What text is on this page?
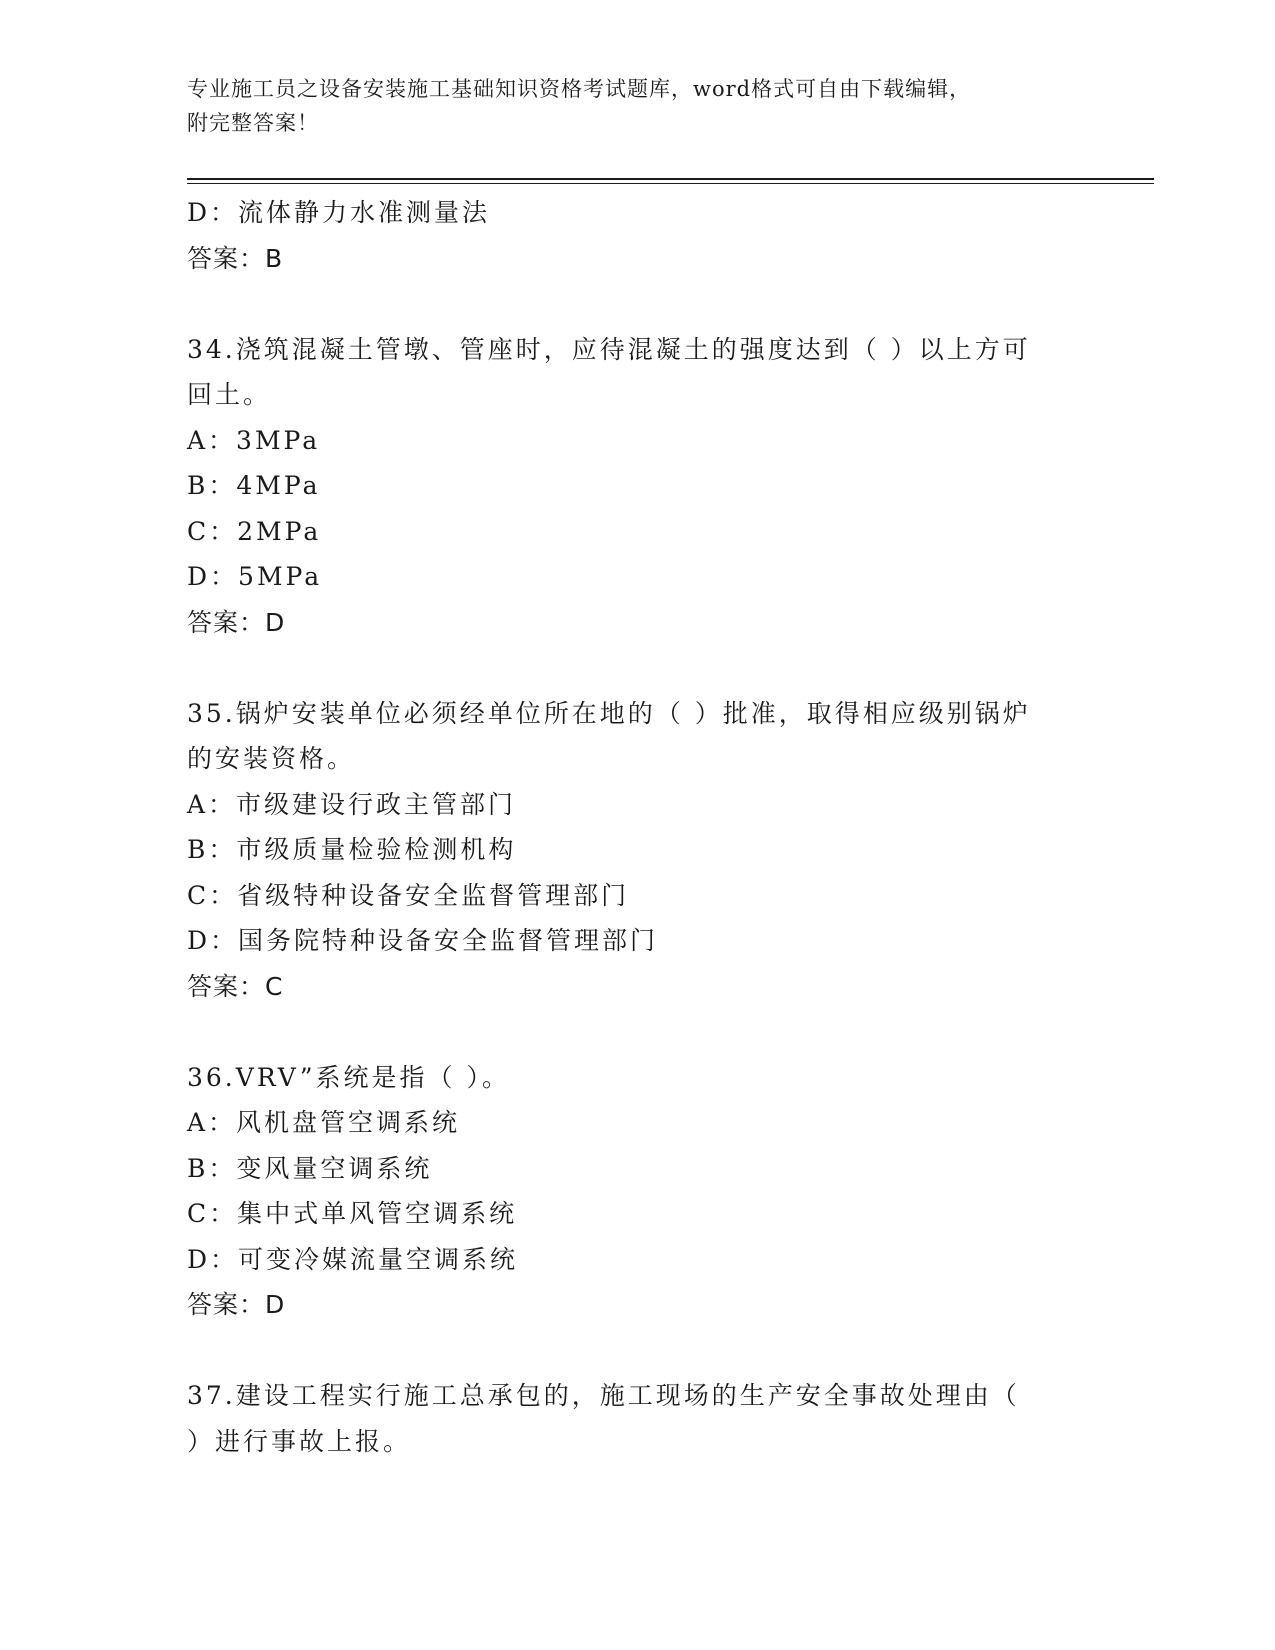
专业施工员之设备安装施工基础知识资格考试题库，word格式可自由下载编辑，
附完整答案！
D：流体静力水准测量法
答案：B
34.浇筑混凝土管墩、管座时，应待混凝土的强度达到（ ）以上方可
回土。
A：3MPa
B：4MPa
C：2MPa
D：5MPa
答案：D
35.锅炉安装单位必须经单位所在地的（ ）批准，取得相应级别锅炉
的安装资格。
A：市级建设行政主管部门
B：市级质量检验检测机构
C：省级特种设备安全监督管理部门
D：国务院特种设备安全监督管理部门
答案：C
36.VRV”系统是指（ ）。
A：风机盘管空调系统
B：变风量空调系统
C：集中式单风管空调系统
D：可变冷媒流量空调系统
答案：D
37.建设工程实行施工总承包的，施工现场的生产安全事故处理由（
）进行事故上报。
